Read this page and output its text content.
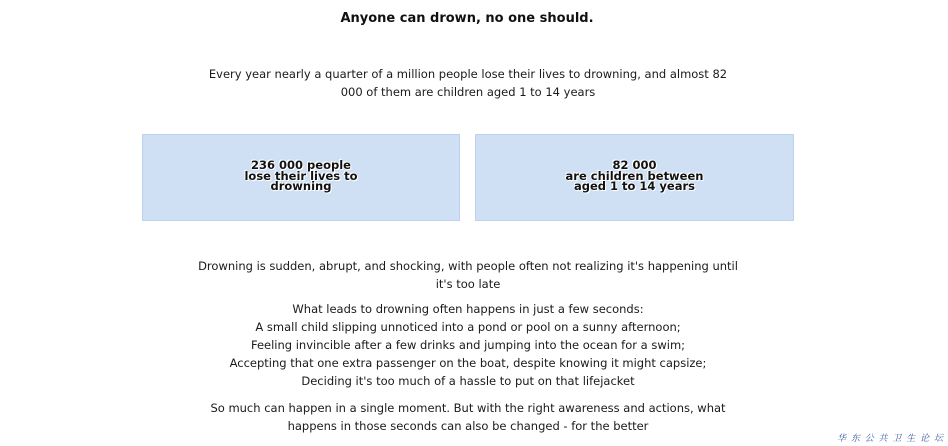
Anyone can drown, no one should.

Every year nearly a quarter of a million people lose their lives to drowning, and almost 82 000 of them are children aged 1 to 14 years

236 000 people
lose their lives to
drowning
82 000
are children between
aged 1 to 14 years

Drowning is sudden, abrupt, and shocking, with people often not realizing it's happening until it's too late

What leads to drowning often happens in just a few seconds:
A small child slipping unnoticed into a pond or pool on a sunny afternoon;
Feeling invincible after a few drinks and jumping into the ocean for a swim;
Accepting that one extra passenger on the boat, despite knowing it might capsize;
Deciding it's too much of a hassle to put on that lifejacket

So much can happen in a single moment. But with the right awareness and actions, what happens in those seconds can also be changed - for the better

华 东 公 共 卫 生 论 坛
